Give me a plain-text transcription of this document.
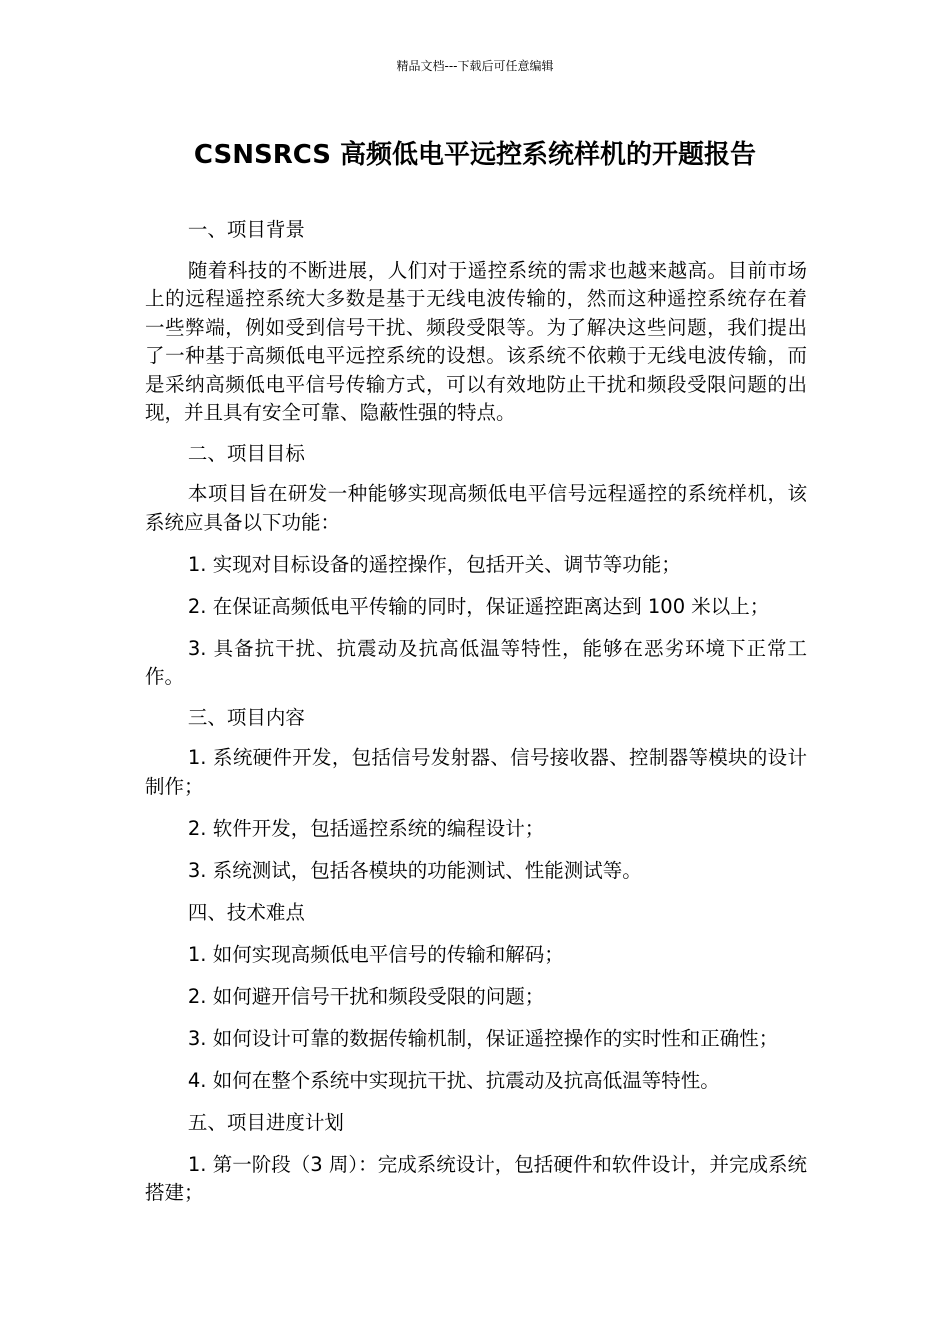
精品文档---下载后可任意编辑
CSNSRCS 高频低电平远控系统样机的开题报告

一、项目背景

随着科技的不断进展，人们对于遥控系统的需求也越来越高。目前市场上的远程遥控系统大多数是基于无线电波传输的，然而这种遥控系统存在着一些弊端，例如受到信号干扰、频段受限等。为了解决这些问题，我们提出了一种基于高频低电平远控系统的设想。该系统不依赖于无线电波传输，而是采纳高频低电平信号传输方式，可以有效地防止干扰和频段受限问题的出现，并且具有安全可靠、隐蔽性强的特点。

二、项目目标

本项目旨在研发一种能够实现高频低电平信号远程遥控的系统样机，该系统应具备以下功能：

1. 实现对目标设备的遥控操作，包括开关、调节等功能；

2. 在保证高频低电平传输的同时，保证遥控距离达到 100 米以上；

3. 具备抗干扰、抗震动及抗高低温等特性，能够在恶劣环境下正常工作。

三、项目内容

1. 系统硬件开发，包括信号发射器、信号接收器、控制器等模块的设计制作；

2. 软件开发，包括遥控系统的编程设计；

3. 系统测试，包括各模块的功能测试、性能测试等。

四、技术难点

1. 如何实现高频低电平信号的传输和解码；

2. 如何避开信号干扰和频段受限的问题；

3. 如何设计可靠的数据传输机制，保证遥控操作的实时性和正确性；

4. 如何在整个系统中实现抗干扰、抗震动及抗高低温等特性。

五、项目进度计划

1. 第一阶段（3 周）：完成系统设计，包括硬件和软件设计，并完成系统搭建；
